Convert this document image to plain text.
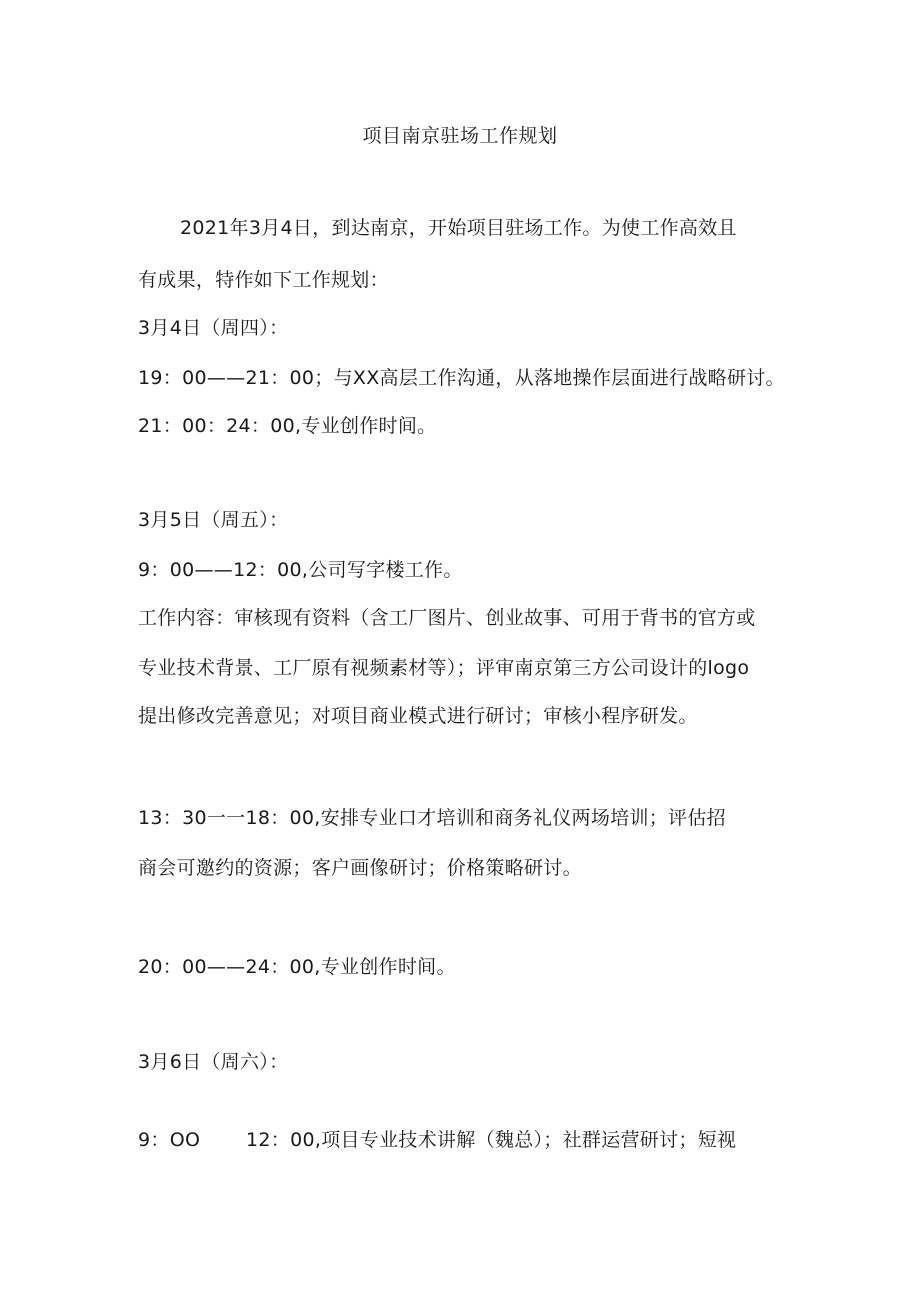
项目南京驻场工作规划
2021年3月4日，到达南京，开始项目驻场工作。为使工作高效且
有成果，特作如下工作规划：
3月4日（周四）：
19：00——21：00；与XX高层工作沟通，从落地操作层面进行战略研讨。
21：00：24：00,专业创作时间。
3月5日（周五）：
9：00——12：00,公司写字楼工作。
工作内容：审核现有资料（含工厂图片、创业故事、可用于背书的官方或
专业技术背景、工厂原有视频素材等）；评审南京第三方公司设计的logo
提出修改完善意见；对项目商业模式进行研讨；审核小程序研发。
13：30一一18：00,安排专业口才培训和商务礼仪两场培训；评估招
商会可邀约的资源；客户画像研讨；价格策略研讨。
20：00——24：00,专业创作时间。
3月6日（周六）：
9：OO 12：00,项目专业技术讲解（魏总）；社群运营研讨；短视
